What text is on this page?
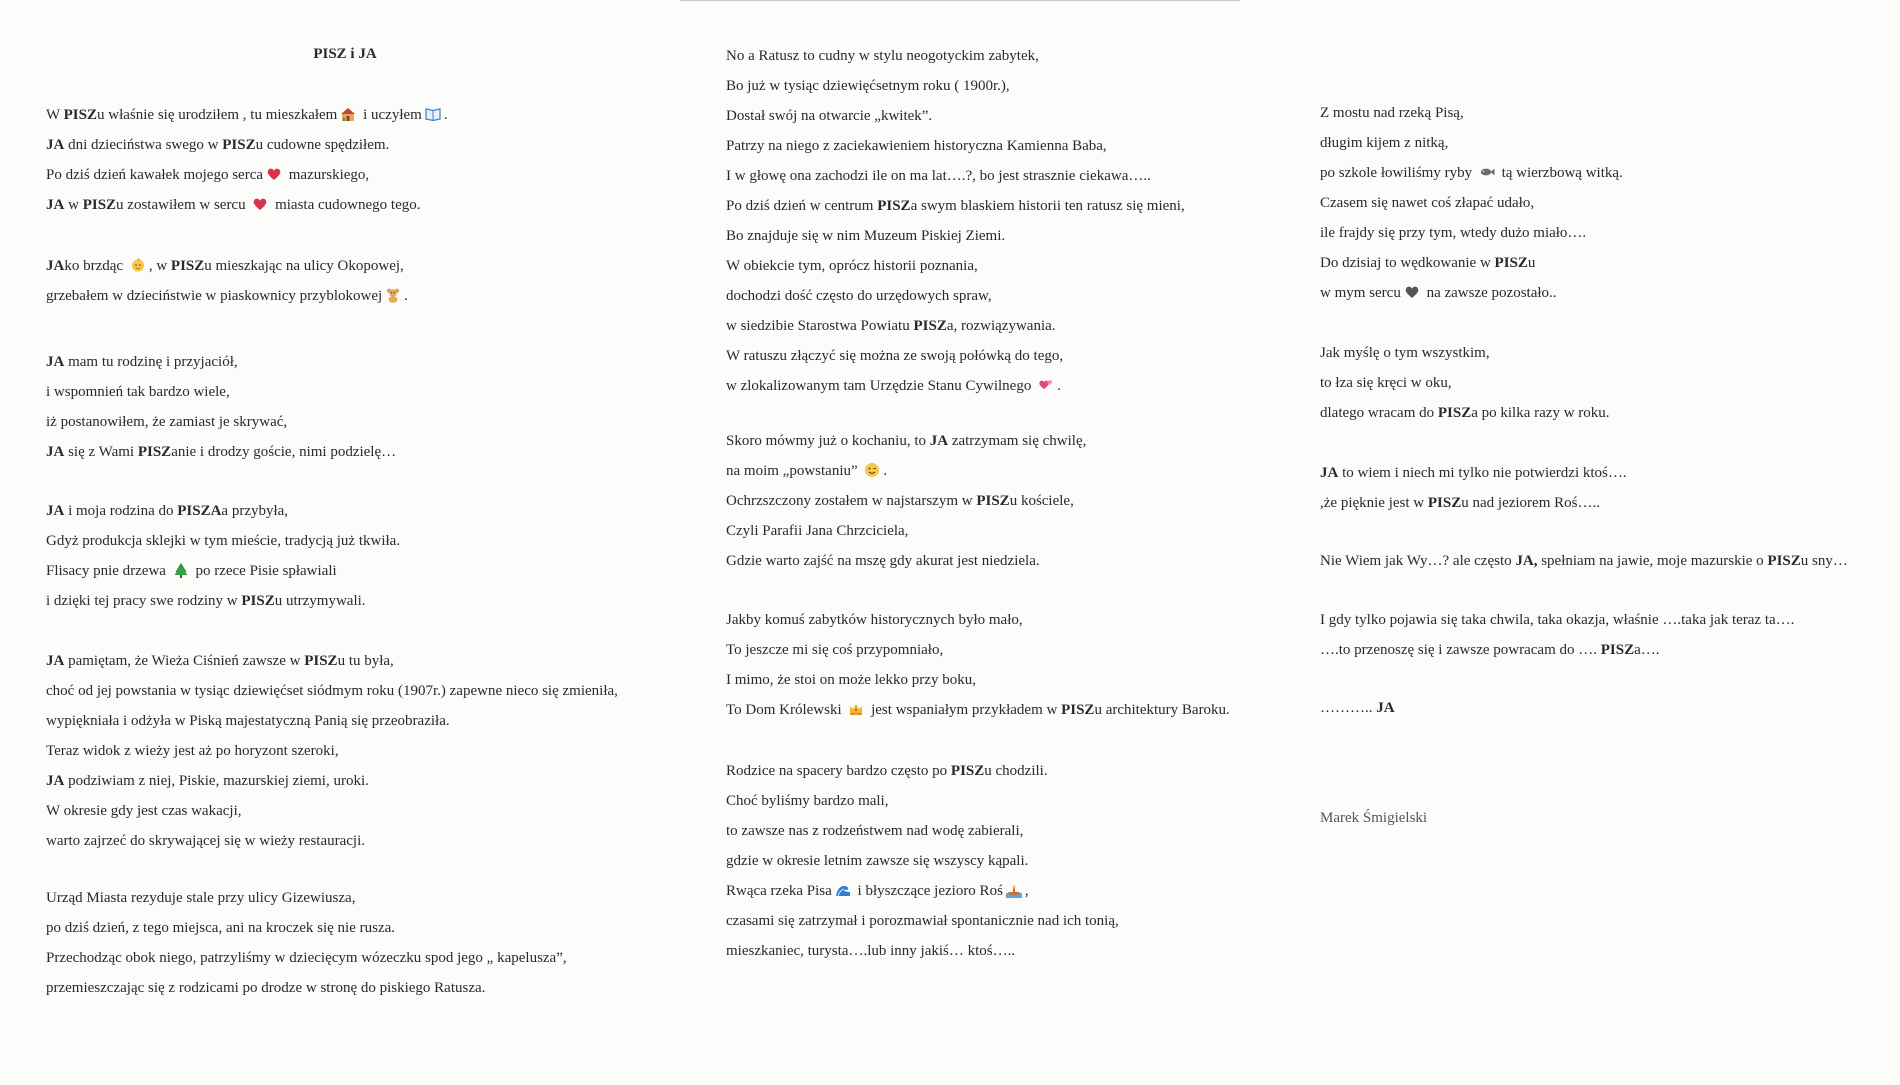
PISZ i JA

W PISZu właśnie się urodziłem , tu mieszkałem i uczyłem .

JA dni dzieciństwa swego w PISZu cudowne spędziłem.

Po dziś dzień kawałek mojego serca mazurskiego,

JA w PISZu zostawiłem w sercu  miasta cudownego tego.

JAko brzdąc , w PISZu mieszkając na ulicy Okopowej,

grzebałem w dzieciństwie w piaskownicy przyblokowej .

JA mam tu rodzinę i przyjaciół,

i wspomnień tak bardzo wiele,

iż postanowiłem, że zamiast je skrywać,

JA się z Wami PISZanie i drodzy goście, nimi podzielę…

JA i moja rodzina do PISZAa przybyła,

Gdyż produkcja sklejki w tym mieście, tradycją już tkwiła.

Flisacy pnie drzewa  po rzece Pisie spławiali

i dzięki tej pracy swe rodziny w PISZu utrzymywali.

JA pamiętam, że Wieża Ciśnień zawsze w PISZu tu była,

choć od jej powstania w tysiąc dziewięćset siódmym roku (1907r.) zapewne nieco się zmieniła,

wypiękniała i odżyła w Piską majestatyczną Panią się przeobraziła.

Teraz widok z wieży jest aż po horyzont szeroki,

JA podziwiam z niej, Piskie, mazurskiej ziemi, uroki.

W okresie gdy jest czas wakacji,

warto zajrzeć do skrywającej się w wieży restauracji.

Urząd Miasta rezyduje stale przy ulicy Gizewiusza,

po dziś dzień, z tego miejsca, ani na kroczek się nie rusza.

Przechodząc obok niego, patrzyliśmy w dziecięcym wózeczku spod jego „ kapelusza”,

przemieszczając się z rodzicami po drodze w stronę do piskiego Ratusza.

No a Ratusz to cudny w stylu neogotyckim zabytek,

Bo już w tysiąc dziewięćsetnym roku ( 1900r.),

Dostał swój na otwarcie „kwitek”.

Patrzy na niego z zaciekawieniem historyczna Kamienna Baba,

I w głowę ona zachodzi ile on ma lat….?, bo jest strasznie ciekawa…..

Po dziś dzień w centrum PISZa swym blaskiem historii ten ratusz się mieni,

Bo znajduje się w nim Muzeum Piskiej Ziemi.

W obiekcie tym, oprócz historii poznania,

dochodzi dość często do urzędowych spraw,

w siedzibie Starostwa Powiatu PISZa, rozwiązywania.

W ratuszu złączyć się można ze swoją połówką do tego,

w zlokalizowanym tam Urzędzie Stanu Cywilnego .

Skoro mówmy już o kochaniu, to JA zatrzymam się chwilę,

na moim „powstaniu” .

Ochrzszczony zostałem w najstarszym w PISZu kościele,

Czyli Parafii Jana Chrzciciela,

Gdzie warto zajść na mszę gdy akurat jest niedziela.

Jakby komuś zabytków historycznych było mało,

To jeszcze mi się coś przypomniało,

I mimo, że stoi on może lekko przy boku,

To Dom Królewski  jest wspaniałym przykładem w PISZu architektury Baroku.

Rodzice na spacery bardzo często po PISZu chodzili.

Choć byliśmy bardzo mali,

to zawsze nas z rodzeństwem nad wodę zabierali,

gdzie w okresie letnim zawsze się wszyscy kąpali.

Rwąca rzeka Pisa i błyszczące jezioro Roś ,

czasami się zatrzymał i porozmawiał spontanicznie nad ich tonią,

mieszkaniec, turysta….lub inny jakiś… ktoś…..

Z mostu nad rzeką Pisą,

długim kijem z nitką,

po szkole łowiliśmy ryby  tą wierzbową witką.

Czasem się nawet coś złapać udało,

ile frajdy się przy tym, wtedy dużo miało….

Do dzisiaj to wędkowanie w PISZu

w mym sercu na zawsze pozostało..

Jak myślę o tym wszystkim,

to łza się kręci w oku,

dlatego wracam do PISZa po kilka razy w roku.

JA to wiem i niech mi tylko nie potwierdzi ktoś….

,że pięknie jest w PISZu nad jeziorem Roś…..

Nie Wiem jak Wy…? ale często JA, spełniam na jawie, moje mazurskie o PISZu sny…

I gdy tylko pojawia się taka chwila, taka okazja, właśnie ….taka jak teraz ta….

….to przenoszę się i zawsze powracam do …. PISZa….

……….. JA

Marek Śmigielski
